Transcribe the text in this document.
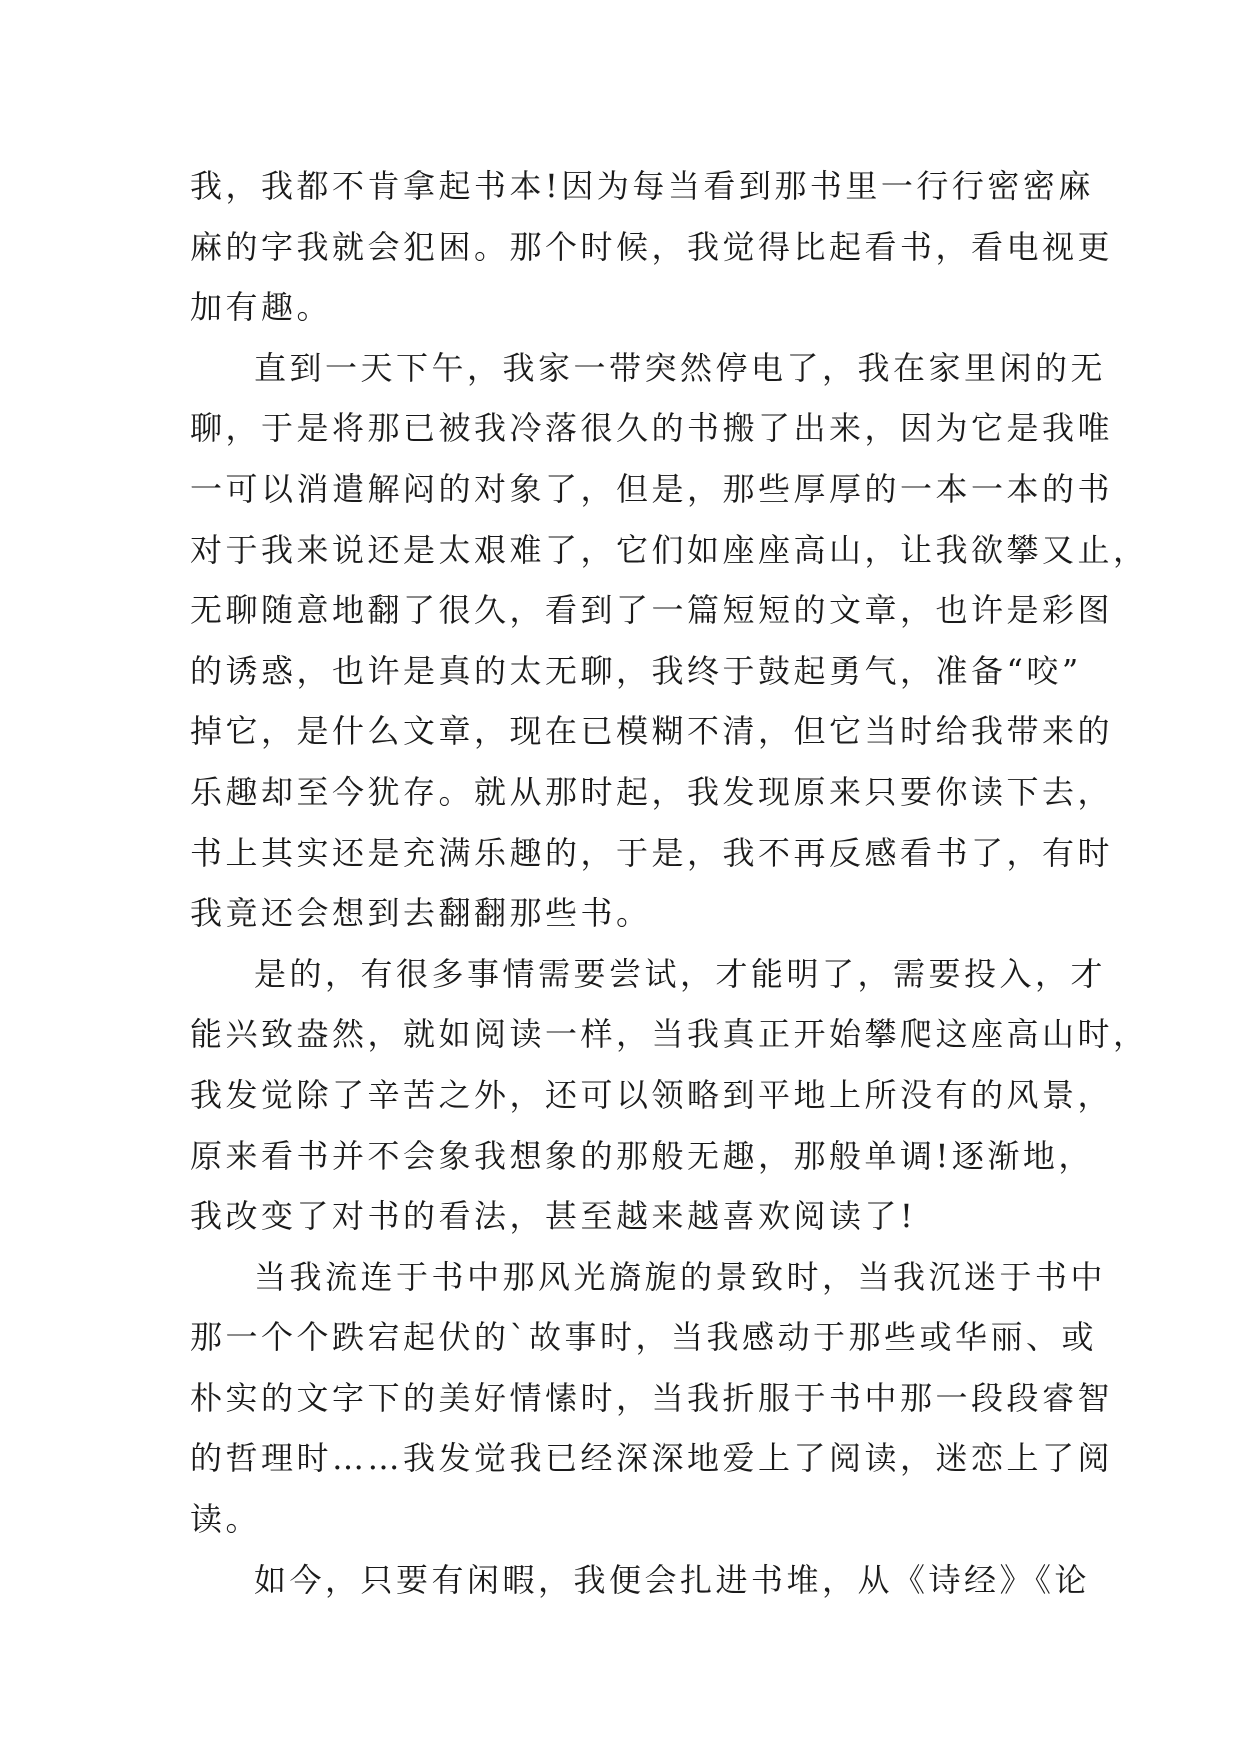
我，我都不肯拿起书本!因为每当看到那书里一行行密密麻
麻的字我就会犯困。那个时候，我觉得比起看书，看电视更
加有趣。
直到一天下午，我家一带突然停电了，我在家里闲的无
聊，于是将那已被我冷落很久的书搬了出来，因为它是我唯
一可以消遣解闷的对象了，但是，那些厚厚的一本一本的书
对于我来说还是太艰难了，它们如座座高山，让我欲攀又止，
无聊随意地翻了很久，看到了一篇短短的文章，也许是彩图
的诱惑，也许是真的太无聊，我终于鼓起勇气，准备“咬”
掉它，是什么文章，现在已模糊不清，但它当时给我带来的
乐趣却至今犹存。就从那时起，我发现原来只要你读下去，
书上其实还是充满乐趣的，于是，我不再反感看书了，有时
我竟还会想到去翻翻那些书。
是的，有很多事情需要尝试，才能明了，需要投入，才
能兴致盎然，就如阅读一样，当我真正开始攀爬这座高山时，
我发觉除了辛苦之外，还可以领略到平地上所没有的风景，
原来看书并不会象我想象的那般无趣，那般单调!逐渐地，
我改变了对书的看法，甚至越来越喜欢阅读了!
当我流连于书中那风光旖旎的景致时，当我沉迷于书中
那一个个跌宕起伏的`故事时，当我感动于那些或华丽、或
朴实的文字下的美好情愫时，当我折服于书中那一段段睿智
的哲理时……我发觉我已经深深地爱上了阅读，迷恋上了阅
读。
如今，只要有闲暇，我便会扎进书堆，从《诗经》《论
